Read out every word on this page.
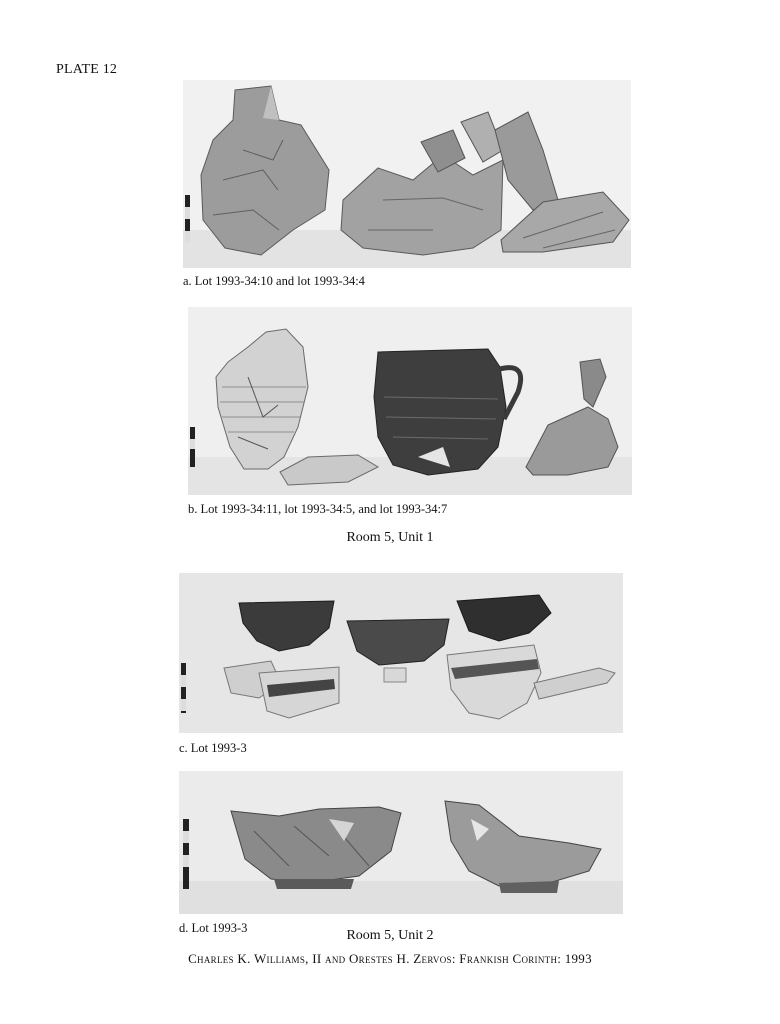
PLATE 12
a. Lot 1993-34:10 and lot 1993-34:4
b. Lot 1993-34:11, lot 1993-34:5, and lot 1993-34:7
Room 5, Unit 1
c. Lot 1993-3
d. Lot 1993-3	Room 5, Unit 2
Charles K. Williams, II and Orestes H. Zervos: Frankish Corinth: 1993
